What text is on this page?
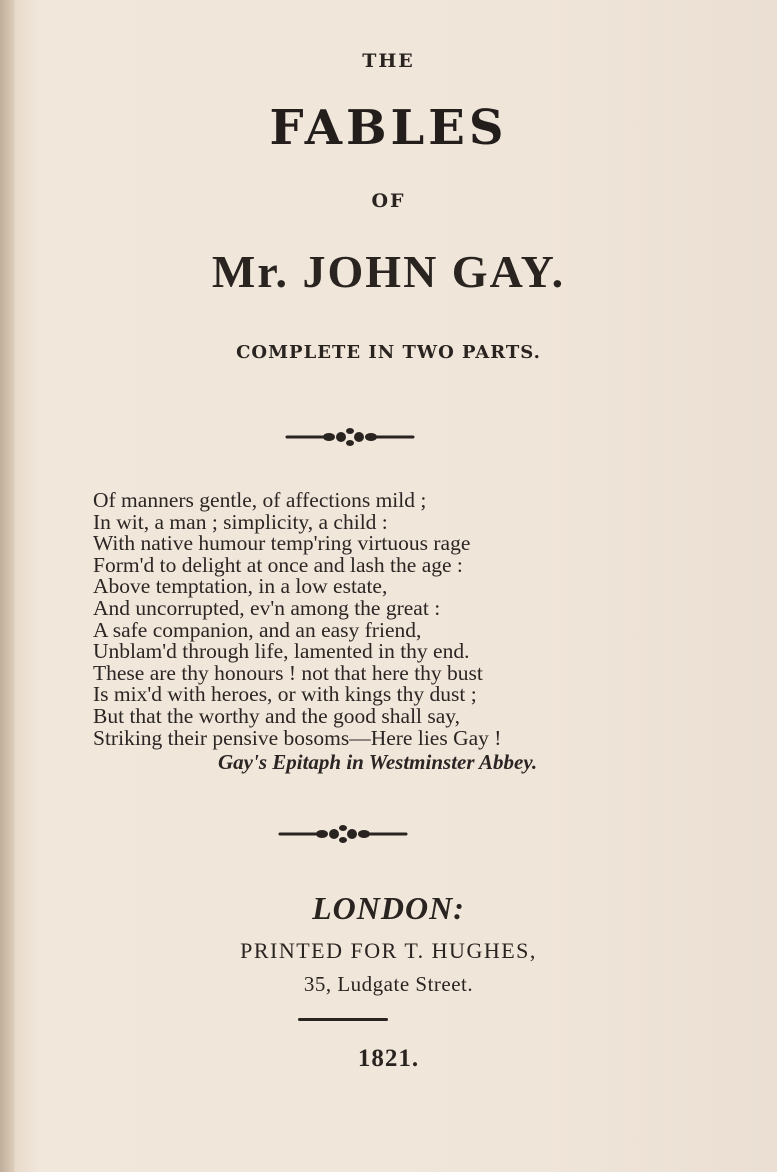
THE
FABLES
OF
Mr. JOHN GAY.
COMPLETE IN TWO PARTS.
Of manners gentle, of affections mild ;
In wit, a man ; simplicity, a child :
With native humour temp'ring virtuous rage
Form'd to delight at once and lash the age :
Above temptation, in a low estate,
And uncorrupted, ev'n among the great :
A safe companion, and an easy friend,
Unblam'd through life, lamented in thy end.
These are thy honours ! not that here thy bust
Is mix'd with heroes, or with kings thy dust ;
But that the worthy and the good shall say,
Striking their pensive bosoms—Here lies Gay !
Gay's Epitaph in Westminster Abbey.
LONDON:
PRINTED FOR T. HUGHES,
35, Ludgate Street.
1821.
